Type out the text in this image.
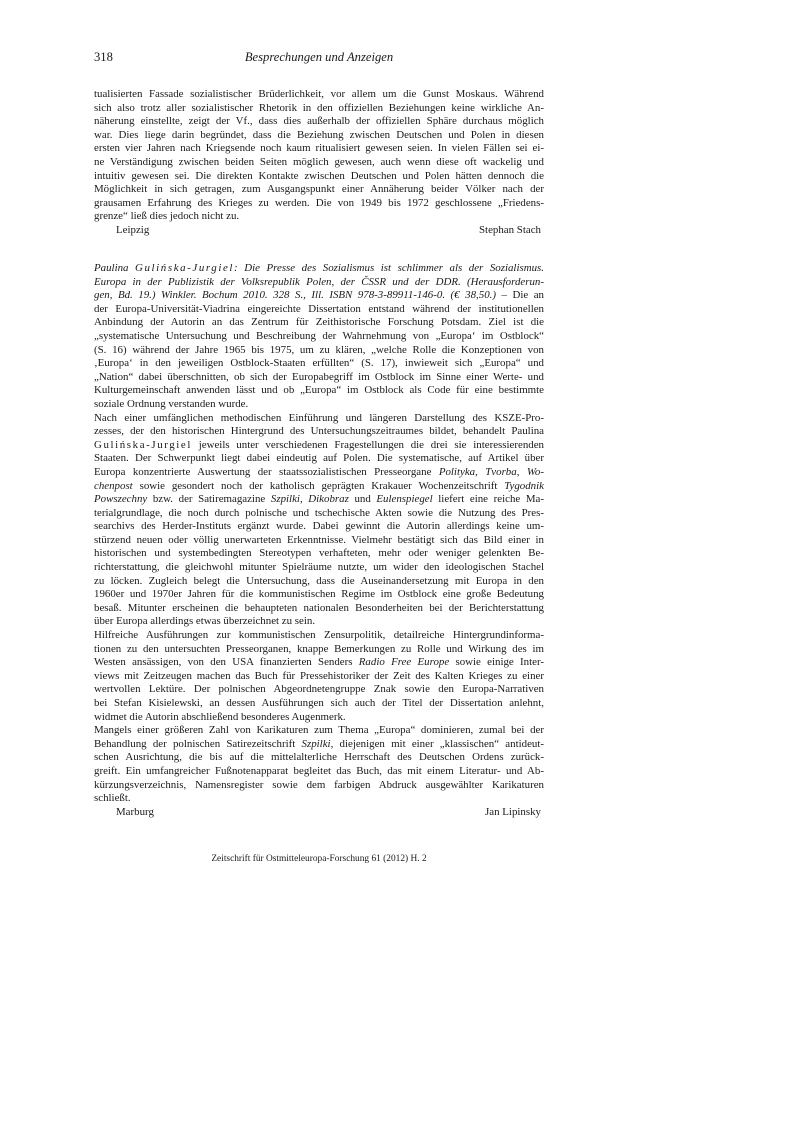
318	Besprechungen und Anzeigen

tualisierten Fassade sozialistischer Brüderlichkeit, vor allem um die Gunst Moskaus. Während

sich also trotz aller sozialistischer Rhetorik in den offiziellen Beziehungen keine wirkliche An-

näherung einstellte, zeigt der Vf., dass dies außerhalb der offiziellen Sphäre durchaus möglich

war. Dies liege darin begründet, dass die Beziehung zwischen Deutschen und Polen in diesen

ersten vier Jahren nach Kriegsende noch kaum ritualisiert gewesen seien. In vielen Fällen sei ei-

ne Verständigung zwischen beiden Seiten möglich gewesen, auch wenn diese oft wackelig und

intuitiv gewesen sei. Die direkten Kontakte zwischen Deutschen und Polen hätten dennoch die

Möglichkeit in sich getragen, zum Ausgangspunkt einer Annäherung beider Völker nach der

grausamen Erfahrung des Krieges zu werden. Die von 1949 bis 1972 geschlossene „Friedens-

grenze“ ließ dies jedoch nicht zu.

Leipzig	Stephan Stach

Paulina Gulińska-Jurgiel: Die Presse des Sozialismus ist schlimmer als der Sozialismus.

Europa in der Publizistik der Volksrepublik Polen, der ČSSR und der DDR. (Herausforderun-

gen, Bd. 19.) Winkler. Bochum 2010. 328 S., Ill. ISBN 978-3-89911-146-0. (€ 38,50.) – Die an

der Europa-Universität-Viadrina eingereichte Dissertation entstand während der institutionellen

Anbindung der Autorin an das Zentrum für Zeithistorische Forschung Potsdam. Ziel ist die

„systematische Untersuchung und Beschreibung der Wahrnehmung von „Europa‘ im Ostblock“

(S. 16) während der Jahre 1965 bis 1975, um zu klären, „welche Rolle die Konzeptionen von

‚Europa‘ in den jeweiligen Ostblock-Staaten erfüllten“ (S. 17), inwieweit sich „Europa“ und

„Nation“ dabei überschnitten, ob sich der Europabegriff im Ostblock im Sinne einer Werte- und

Kulturgemeinschaft anwenden lässt und ob „Europa“ im Ostblock als Code für eine bestimmte

soziale Ordnung verstanden wurde.

Nach einer umfänglichen methodischen Einführung und längeren Darstellung des KSZE-Pro-

zesses, der den historischen Hintergrund des Untersuchungszeitraumes bildet, behandelt Paulina

Gulińska-Jurgiel jeweils unter verschiedenen Fragestellungen die drei sie interessierenden

Staaten. Der Schwerpunkt liegt dabei eindeutig auf Polen. Die systematische, auf Artikel über

Europa konzentrierte Auswertung der staatssozialistischen Presseorgane Polityka, Tvorba, Wo-

chenpost sowie gesondert noch der katholisch geprägten Krakauer Wochenzeitschrift Tygodnik

Powszechny bzw. der Satiremagazine Szpilki, Dikobraz und Eulenspiegel liefert eine reiche Ma-

terialgrundlage, die noch durch polnische und tschechische Akten sowie die Nutzung des Pres-

searchivs des Herder-Instituts ergänzt wurde. Dabei gewinnt die Autorin allerdings keine um-

stürzend neuen oder völlig unerwarteten Erkenntnisse. Vielmehr bestätigt sich das Bild einer in

historischen und systembedingten Stereotypen verhafteten, mehr oder weniger gelenkten Be-

richterstattung, die gleichwohl mitunter Spielräume nutzte, um wider den ideologischen Stachel

zu löcken. Zugleich belegt die Untersuchung, dass die Auseinandersetzung mit Europa in den

1960er und 1970er Jahren für die kommunistischen Regime im Ostblock eine große Bedeutung

besaß. Mitunter erscheinen die behaupteten nationalen Besonderheiten bei der Berichterstattung

über Europa allerdings etwas überzeichnet zu sein.

Hilfreiche Ausführungen zur kommunistischen Zensurpolitik, detailreiche Hintergrundinforma-

tionen zu den untersuchten Presseorganen, knappe Bemerkungen zu Rolle und Wirkung des im

Westen ansässigen, von den USA finanzierten Senders Radio Free Europe sowie einige Inter-

views mit Zeitzeugen machen das Buch für Pressehistoriker der Zeit des Kalten Krieges zu einer

wertvollen Lektüre. Der polnischen Abgeordnetengruppe Znak sowie den Europa-Narrativen

bei Stefan Kisielewski, an dessen Ausführungen sich auch der Titel der Dissertation anlehnt,

widmet die Autorin abschließend besonderes Augenmerk.

Mangels einer größeren Zahl von Karikaturen zum Thema „Europa“ dominieren, zumal bei der

Behandlung der polnischen Satirezeitschrift Szpilki, diejenigen mit einer „klassischen“ antideut-

schen Ausrichtung, die bis auf die mittelalterliche Herrschaft des Deutschen Ordens zurück-

greift. Ein umfangreicher Fußnotenapparat begleitet das Buch, das mit einem Literatur- und Ab-

kürzungsverzeichnis, Namensregister sowie dem farbigen Abdruck ausgewählter Karikaturen

schließt.

Marburg	Jan Lipinsky
Zeitschrift für Ostmitteleuropa-Forschung 61 (2012) H. 2
